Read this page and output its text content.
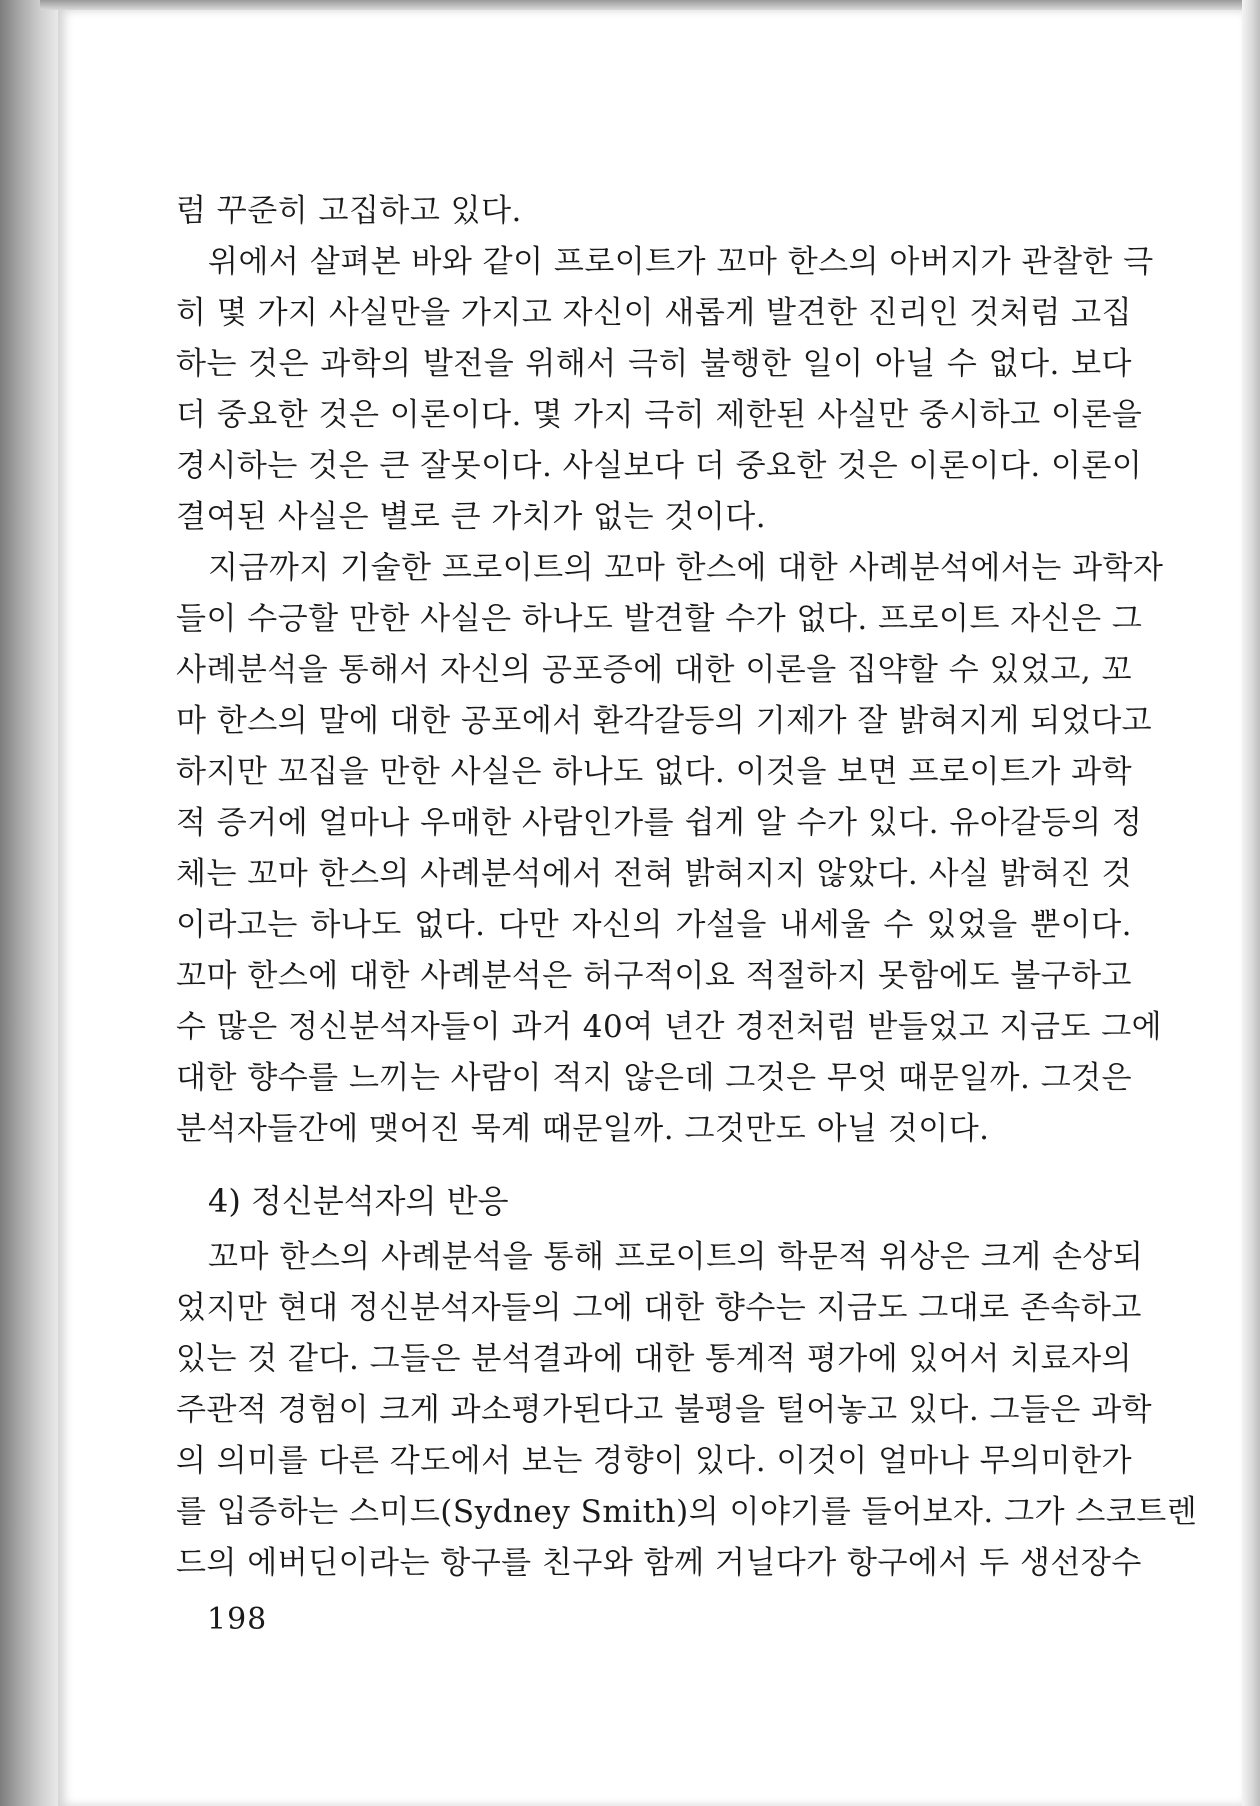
럼 꾸준히 고집하고 있다.
위에서 살펴본 바와 같이 프로이트가 꼬마 한스의 아버지가 관찰한 극
히 몇 가지 사실만을 가지고 자신이 새롭게 발견한 진리인 것처럼 고집
하는 것은 과학의 발전을 위해서 극히 불행한 일이 아닐 수 없다. 보다
더 중요한 것은 이론이다. 몇 가지 극히 제한된 사실만 중시하고 이론을
경시하는 것은 큰 잘못이다. 사실보다 더 중요한 것은 이론이다. 이론이
결여된 사실은 별로 큰 가치가 없는 것이다.
지금까지 기술한 프로이트의 꼬마 한스에 대한 사례분석에서는 과학자
들이 수긍할 만한 사실은 하나도 발견할 수가 없다. 프로이트 자신은 그
사례분석을 통해서 자신의 공포증에 대한 이론을 집약할 수 있었고, 꼬
마 한스의 말에 대한 공포에서 환각갈등의 기제가 잘 밝혀지게 되었다고
하지만 꼬집을 만한 사실은 하나도 없다. 이것을 보면 프로이트가 과학
적 증거에 얼마나 우매한 사람인가를 쉽게 알 수가 있다. 유아갈등의 정
체는 꼬마 한스의 사례분석에서 전혀 밝혀지지 않았다. 사실 밝혀진 것
이라고는 하나도 없다. 다만 자신의 가설을 내세울 수 있었을 뿐이다.
꼬마 한스에 대한 사례분석은 허구적이요 적절하지 못함에도 불구하고
수 많은 정신분석자들이 과거 40여 년간 경전처럼 받들었고 지금도 그에
대한 향수를 느끼는 사람이 적지 않은데 그것은 무엇 때문일까. 그것은
분석자들간에 맺어진 묵계 때문일까. 그것만도 아닐 것이다.
4) 정신분석자의 반응
꼬마 한스의 사례분석을 통해 프로이트의 학문적 위상은 크게 손상되
었지만 현대 정신분석자들의 그에 대한 향수는 지금도 그대로 존속하고
있는 것 같다. 그들은 분석결과에 대한 통계적 평가에 있어서 치료자의
주관적 경험이 크게 과소평가된다고 불평을 털어놓고 있다. 그들은 과학
의 의미를 다른 각도에서 보는 경향이 있다. 이것이 얼마나 무의미한가
를 입증하는 스미드(Sydney Smith)의 이야기를 들어보자. 그가 스코트렌
드의 에버딘이라는 항구를 친구와 함께 거닐다가 항구에서 두 생선장수
198
